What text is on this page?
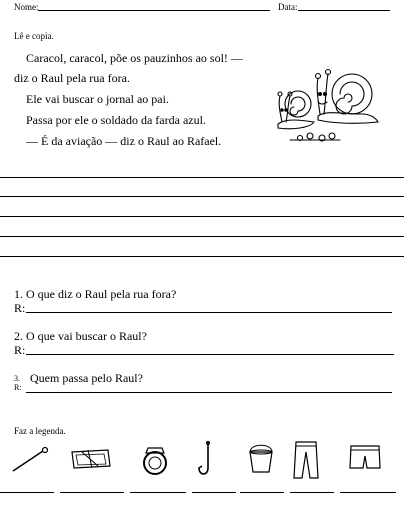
Nome:	Data:
Lê e copia.
Caracol, caracol, põe os pauzinhos ao sol! —
diz o Raul pela rua fora.
Ele vai buscar o jornal ao pai.
Passa por ele o soldado da farda azul.
— É da aviação — diz o Raul ao Rafael.
1. O que diz o Raul pela rua fora?
R:
2. O que vai buscar o Raul?
R:
3. Quem passa pelo Raul?
R:
Faz a legenda.
